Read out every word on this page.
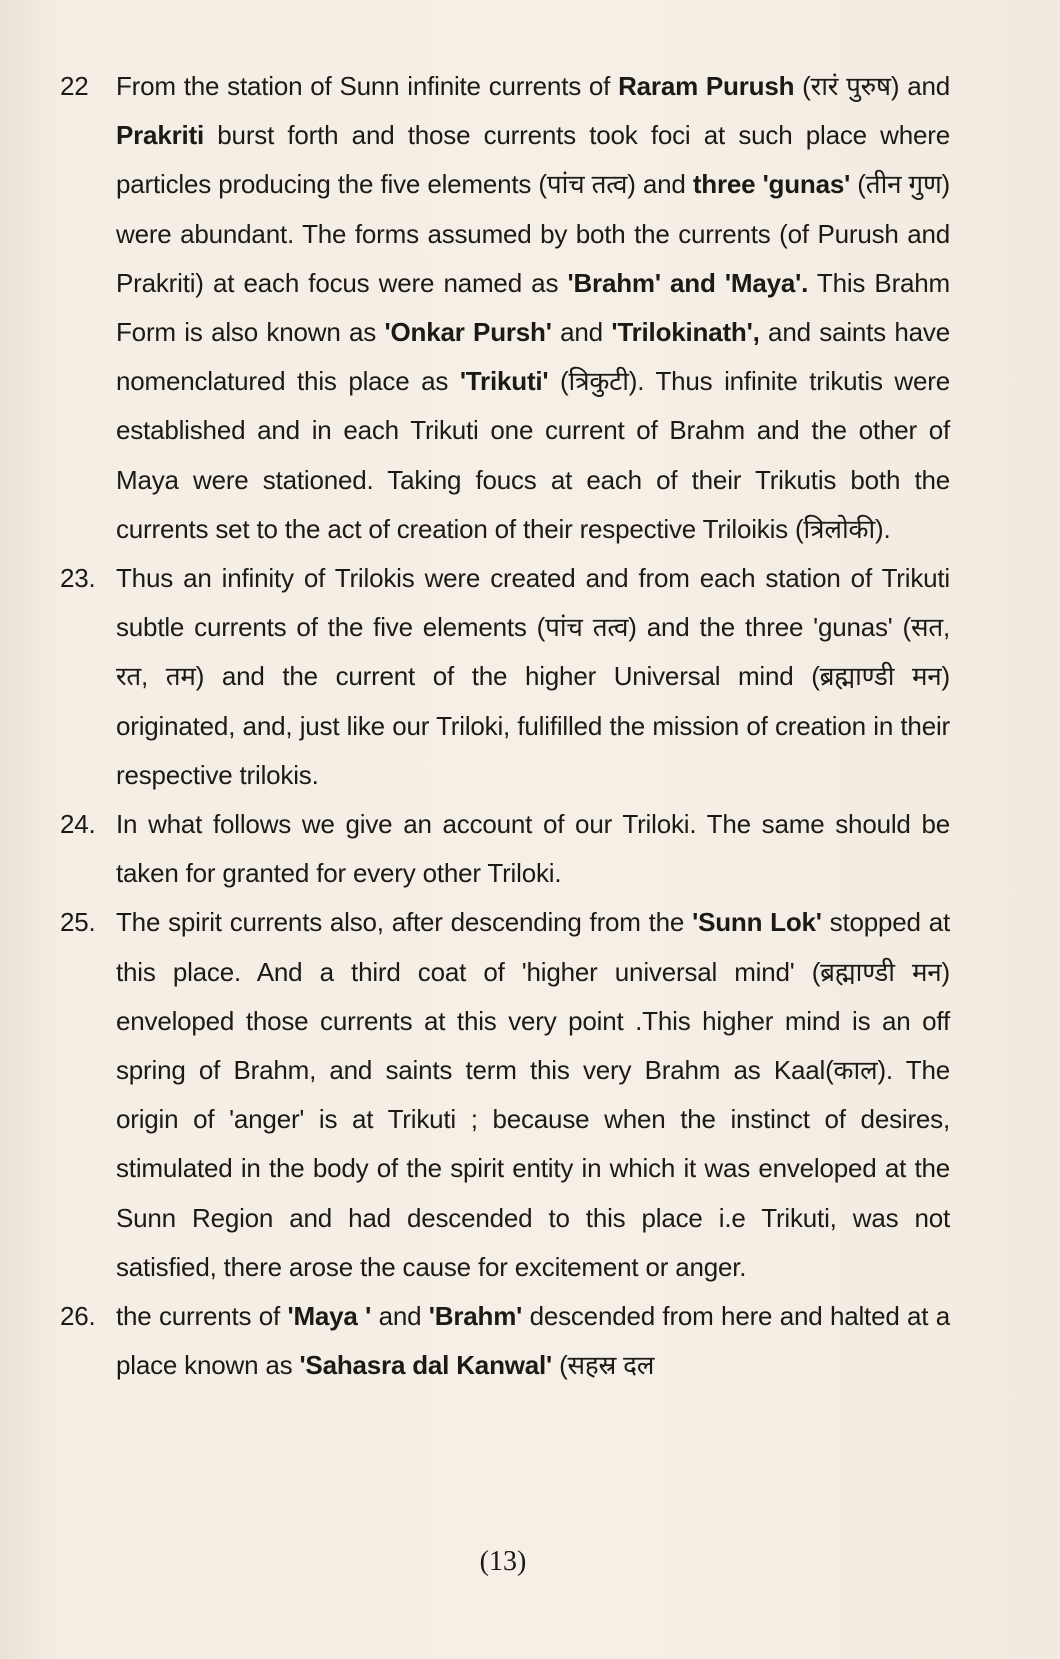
22	From the station of Sunn infinite currents of Raram Purush (रारं पुरुष) and Prakriti burst forth and those currents took foci at such place where particles producing the five elements (पांच तत्व) and three 'gunas' (तीन गुण) were abundant. The forms assumed by both the currents (of Purush and Prakriti) at each focus were named as 'Brahm' and 'Maya'. This Brahm Form is also known as 'Onkar Pursh' and 'Trilokinath', and saints have nomenclatured this place as 'Trikuti' (त्रिकुटी). Thus infinite trikutis were established and in each Trikuti one current of Brahm and the other of Maya were stationed. Taking foucs at each of their Trikutis both the currents set to the act of creation of their respective Triloikis (त्रिलोकी).
23. Thus an infinity of Trilokis were created and from each station of Trikuti subtle currents of the five elements (पांच तत्व) and the three 'gunas' (सत, रत, तम) and the current of the higher Universal mind (ब्रह्माण्डी मन) originated, and, just like our Triloki, fulifilled the mission of creation in their respective trilokis.
24. In what follows we give an account of our Triloki. The same should be taken for granted for every other Triloki.
25. The spirit currents also, after descending from the 'Sunn Lok' stopped at this place. And a third coat of 'higher universal mind' (ब्रह्माण्डी मन) enveloped those currents at this very point .This higher mind is an off spring of Brahm, and saints term this very Brahm as Kaal(काल). The origin of 'anger' is at Trikuti ; because when the instinct of desires, stimulated in the body of the spirit entity in which it was enveloped at the Sunn Region and had descended to this place i.e Trikuti, was not satisfied, there arose the cause for excitement or anger.
26. the currents of 'Maya ' and 'Brahm' descended from here and halted at a place known as 'Sahasra dal Kanwal' (सहस्र दल
(13)
